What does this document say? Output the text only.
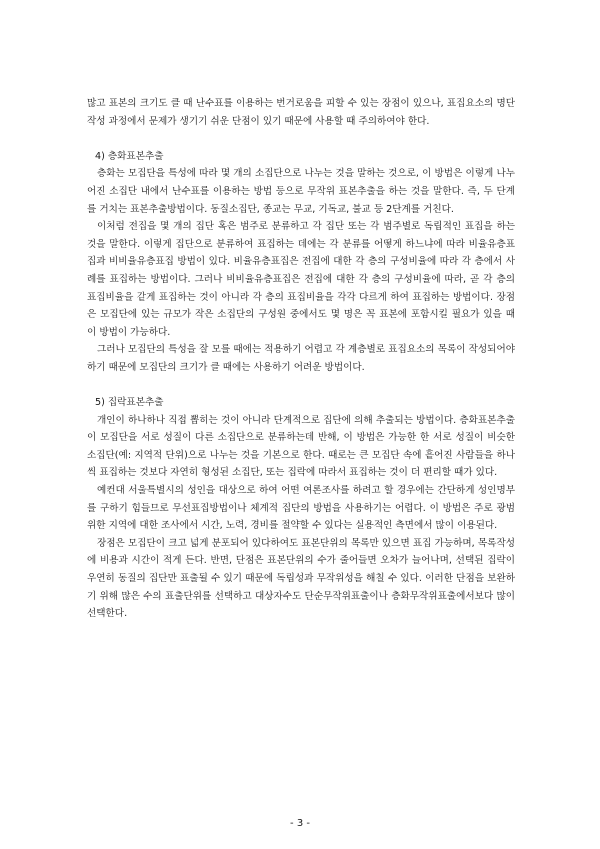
많고 표본의 크기도 클 때 난수표를 이용하는 번거로움을 피할 수 있는 장점이 있으나, 표집요소의 명단 작성 과정에서 문제가 생기기 쉬운 단점이 있기 때문에 사용할 때 주의하여야 한다.

4) 층화표본추출

층화는 모집단을 특성에 따라 몇 개의 소집단으로 나누는 것을 말하는 것으로, 이 방법은 이렇게 나누어진 소집단 내에서 난수표를 이용하는 방법 등으로 무작위 표본추출을 하는 것을 말한다. 즉, 두 단계를 거치는 표본추출방법이다. 동질소집단, 종교는 무교, 기독교, 불교 등 2단계를 거친다.

이처럼 전집을 몇 개의 집단 혹은 범주로 분류하고 각 집단 또는 각 범주별로 독립적인 표집을 하는 것을 말한다. 이렇게 집단으로 분류하여 표집하는 데에는 각 분류를 어떻게 하느냐에 따라 비율유층표집과 비비율유층표집 방법이 있다. 비율유층표집은 전집에 대한 각 층의 구성비율에 따라 각 층에서 사례를 표집하는 방법이다. 그러나 비비율유층표집은 전집에 대한 각 층의 구성비율에 따라, 곧 각 층의 표집비율을 같게 표집하는 것이 아니라 각 층의 표집비율을 각각 다르게 하여 표집하는 방법이다. 장점은 모집단에 있는 규모가 작은 소집단의 구성원 중에서도 몇 명은 꼭 표본에 포함시킬 필요가 있을 때 이 방법이 가능하다.

그러나 모집단의 특성을 잘 모를 때에는 적용하기 어렵고 각 계층별로 표집요소의 목록이 작성되어야 하기 때문에 모집단의 크기가 클 때에는 사용하기 어려운 방법이다.

5) 집락표본추출

개인이 하나하나 직접 뽑히는 것이 아니라 단계적으로 집단에 의해 추출되는 방법이다. 층화표본추출이 모집단을 서로 성질이 다른 소집단으로 분류하는데 반해, 이 방법은 가능한 한 서로 성질이 비슷한 소집단(예: 지역적 단위)으로 나누는 것을 기본으로 한다. 때로는 큰 모집단 속에 흩어진 사람들을 하나씩 표집하는 것보다 자연히 형성된 소집단, 또는 집락에 따라서 표집하는 것이 더 편리할 때가 있다.

예컨대 서울특별시의 성인을 대상으로 하여 어떤 여론조사를 하려고 할 경우에는 간단하게 성인명부를 구하기 힘들므로 무선표집방법이나 체계적 집단의 방법을 사용하기는 어렵다. 이 방법은 주로 광범위한 지역에 대한 조사에서 시간, 노력, 경비를 절약할 수 있다는 실용적인 측면에서 많이 이용된다.

장점은 모집단이 크고 넓게 분포되어 있다하여도 표본단위의 목록만 있으면 표집 가능하며, 목록작성에 비용과 시간이 적게 든다. 반면, 단점은 표본단위의 수가 줄어들면 오차가 늘어나며, 선택된 집락이 우연히 동질의 집단만 표출될 수 있기 때문에 독립성과 무작위성을 해칠 수 있다. 이러한 단점을 보완하기 위해 많은 수의 표출단위를 선택하고 대상자수도 단순무작위표출이나 층화무작위표출에서보다 많이 선택한다.

- 3 -
